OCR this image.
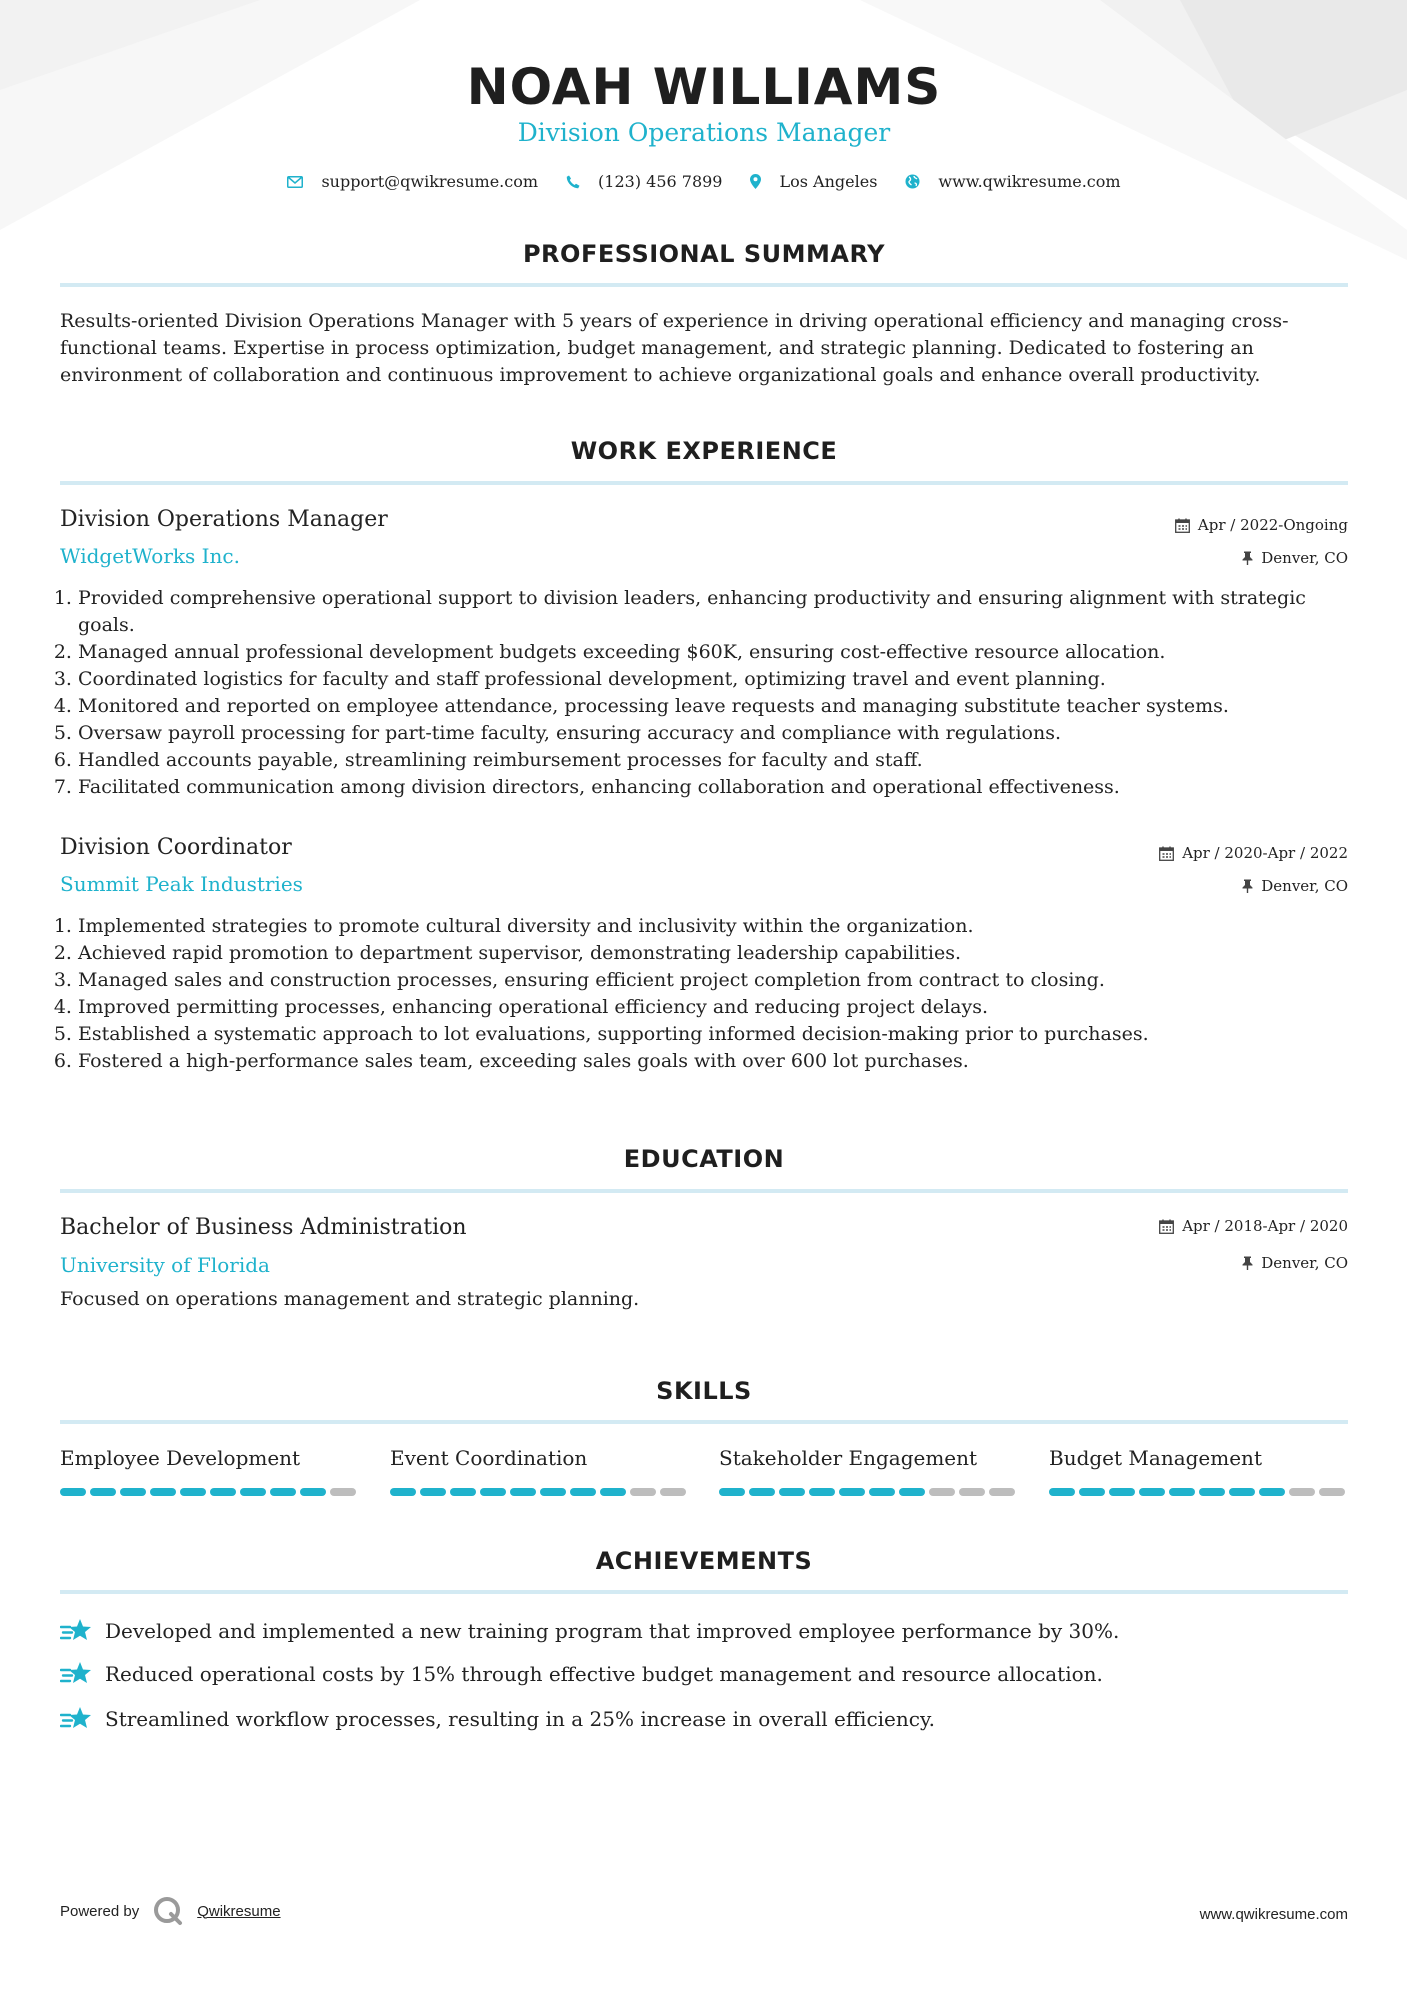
NOAH WILLIAMS
Division Operations Manager
support@qwikresume.com	(123) 456 7899	Los Angeles	www.qwikresume.com
PROFESSIONAL SUMMARY
Results-oriented Division Operations Manager with 5 years of experience in driving operational efficiency and managing cross-functional teams. Expertise in process optimization, budget management, and strategic planning. Dedicated to fostering an environment of collaboration and continuous improvement to achieve organizational goals and enhance overall productivity.
WORK EXPERIENCE
Division Operations Manager	Apr / 2022-Ongoing
WidgetWorks Inc.	Denver, CO
1. Provided comprehensive operational support to division leaders, enhancing productivity and ensuring alignment with strategic goals.
2. Managed annual professional development budgets exceeding $60K, ensuring cost-effective resource allocation.
3. Coordinated logistics for faculty and staff professional development, optimizing travel and event planning.
4. Monitored and reported on employee attendance, processing leave requests and managing substitute teacher systems.
5. Oversaw payroll processing for part-time faculty, ensuring accuracy and compliance with regulations.
6. Handled accounts payable, streamlining reimbursement processes for faculty and staff.
7. Facilitated communication among division directors, enhancing collaboration and operational effectiveness.
Division Coordinator	Apr / 2020-Apr / 2022
Summit Peak Industries	Denver, CO
1. Implemented strategies to promote cultural diversity and inclusivity within the organization.
2. Achieved rapid promotion to department supervisor, demonstrating leadership capabilities.
3. Managed sales and construction processes, ensuring efficient project completion from contract to closing.
4. Improved permitting processes, enhancing operational efficiency and reducing project delays.
5. Established a systematic approach to lot evaluations, supporting informed decision-making prior to purchases.
6. Fostered a high-performance sales team, exceeding sales goals with over 600 lot purchases.
EDUCATION
Bachelor of Business Administration	Apr / 2018-Apr / 2020
University of Florida	Denver, CO
Focused on operations management and strategic planning.
SKILLS
Employee Development	Event Coordination	Stakeholder Engagement	Budget Management
ACHIEVEMENTS
Developed and implemented a new training program that improved employee performance by 30%.
Reduced operational costs by 15% through effective budget management and resource allocation.
Streamlined workflow processes, resulting in a 25% increase in overall efficiency.
Powered by	Qwikresume	www.qwikresume.com
